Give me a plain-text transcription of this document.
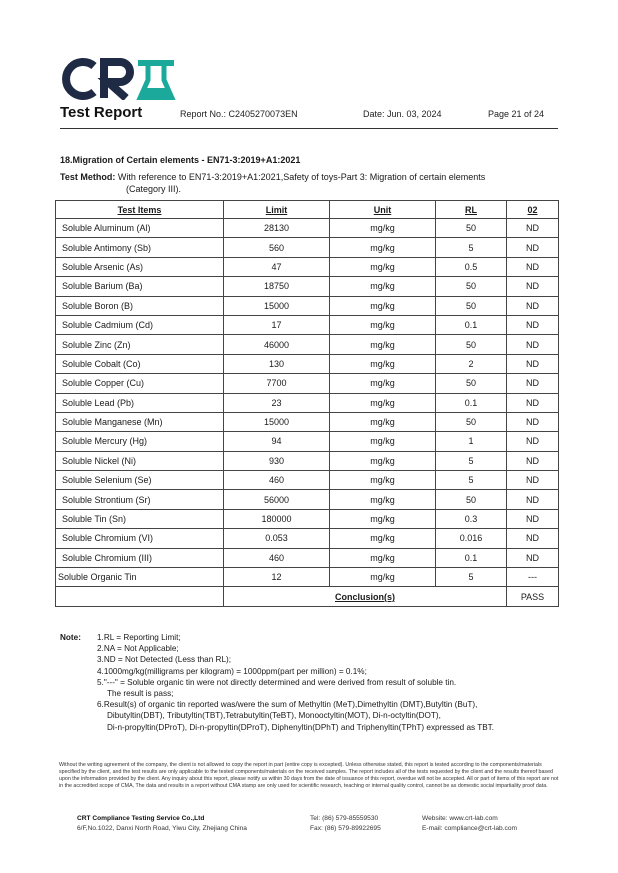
Test Report	Report No.: C2405270073EN	Date: Jun. 03, 2024	Page 21 of 24
18.Migration of Certain elements - EN71-3:2019+A1:2021
Test Method: With reference to EN71-3:2019+A1:2021,Safety of toys-Part 3: Migration of certain elements
(Category III).
Test Items	Limit	Unit	RL	02
Soluble Aluminum (Al)	28130	mg/kg	50	ND
Soluble Antimony (Sb)	560	mg/kg	5	ND
Soluble Arsenic (As)	47	mg/kg	0.5	ND
Soluble Barium (Ba)	18750	mg/kg	50	ND
Soluble Boron (B)	15000	mg/kg	50	ND
Soluble Cadmium (Cd)	17	mg/kg	0.1	ND
Soluble Zinc (Zn)	46000	mg/kg	50	ND
Soluble Cobalt (Co)	130	mg/kg	2	ND
Soluble Copper (Cu)	7700	mg/kg	50	ND
Soluble Lead (Pb)	23	mg/kg	0.1	ND
Soluble Manganese (Mn)	15000	mg/kg	50	ND
Soluble Mercury (Hg)	94	mg/kg	1	ND
Soluble Nickel (Ni)	930	mg/kg	5	ND
Soluble Selenium (Se)	460	mg/kg	5	ND
Soluble Strontium (Sr)	56000	mg/kg	50	ND
Soluble Tin (Sn)	180000	mg/kg	0.3	ND
Soluble Chromium (VI)	0.053	mg/kg	0.016	ND
Soluble Chromium (III)	460	mg/kg	0.1	ND
Soluble Organic Tin	12	mg/kg	5	---
	Conclusion(s)			PASS
Note: 1.RL = Reporting Limit;
2.NA = Not Applicable;
3.ND = Not Detected (Less than RL);
4.1000mg/kg(milligrams per kilogram) = 1000ppm(part per million) = 0.1%;
5."---" = Soluble organic tin were not directly determined and were derived from result of soluble tin.
The result is pass;
6.Result(s) of organic tin reported was/were the sum of Methyltin (MeT),Dimethyltin (DMT),Butyltin (BuT),
Dibutyltin(DBT), Tributyltin(TBT),Tetrabutyltin(TeBT), Monooctyltin(MOT), Di-n-octyltin(DOT),
Di-n-propyltin(DProT), Di-n-propyltin(DProT), Diphenyltin(DPhT) and Triphenyltin(TPhT) expressed as TBT.
Without the writing agreement of the company, the client is not allowed to copy the report in part (entire copy is excepted). Unless otherwise stated, this report is tested according to the components/materials specified by the client, and the test results are only applicable to the tested components/materials on the received samples. The report includes all of the tests requested by the client and the results thereof based upon the information provided by the client. Any inquiry about this report, please notify us within 30 days from the date of issuance of this report, overdue will not be accepted. All or part of items of this report are not in the accredited scope of CMA, The data and results in a report without CMA stamp are only used for scientific research, teaching or internal quality control, cannot be as domestic social impartiality proof data.
CRT Compliance Testing Service Co.,Ltd
6/F,No.1022, Danxi North Road, Yiwu City, Zhejiang China
Tel: (86) 579-85559530
Fax: (86) 579-89922695
Website: www.crt-lab.com
E-mail: compliance@crt-lab.com
